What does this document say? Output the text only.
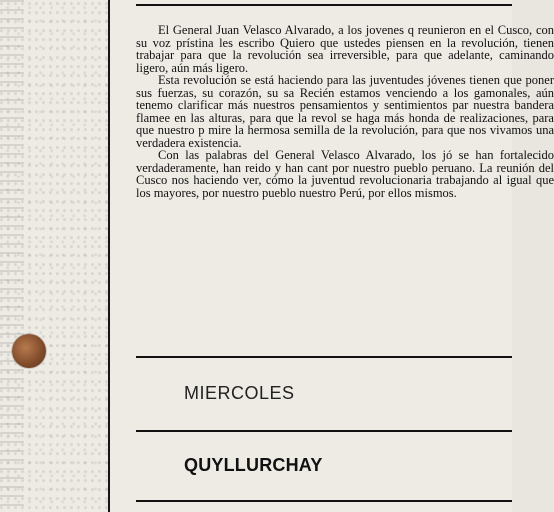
El General Juan Velasco Alvarado, a los jovenes q reunieron en el Cusco, con su voz prístina les escribo Quiero que ustedes piensen en la revolución, tienen trabajar para que la revolución sea irreversible, para que adelante, caminando ligero, aún más ligero.

Esta revolución se está haciendo para las juventudes jóvenes tienen que poner sus fuerzas, su corazón, su sa Recién estamos venciendo a los gamonales, aún tenemo clarificar más nuestros pensamientos y sentimientos par nuestra bandera flamee en las alturas, para que la revol se haga más honda de realizaciones, para que nuestro p mire la hermosa semilla de la revolución, para que nos vivamos una verdadera existencia.

Con las palabras del General Velasco Alvarado, los jó se han fortalecido verdaderamente, han reido y han cant por nuestro pueblo peruano. La reunión del Cusco nos haciendo ver, cómo la juventud revolucionaria trabajando al igual que los mayores, por nuestro pueblo nuestro Perú, por ellos mismos.

MIERCOLES
QUYLLURCHAY
